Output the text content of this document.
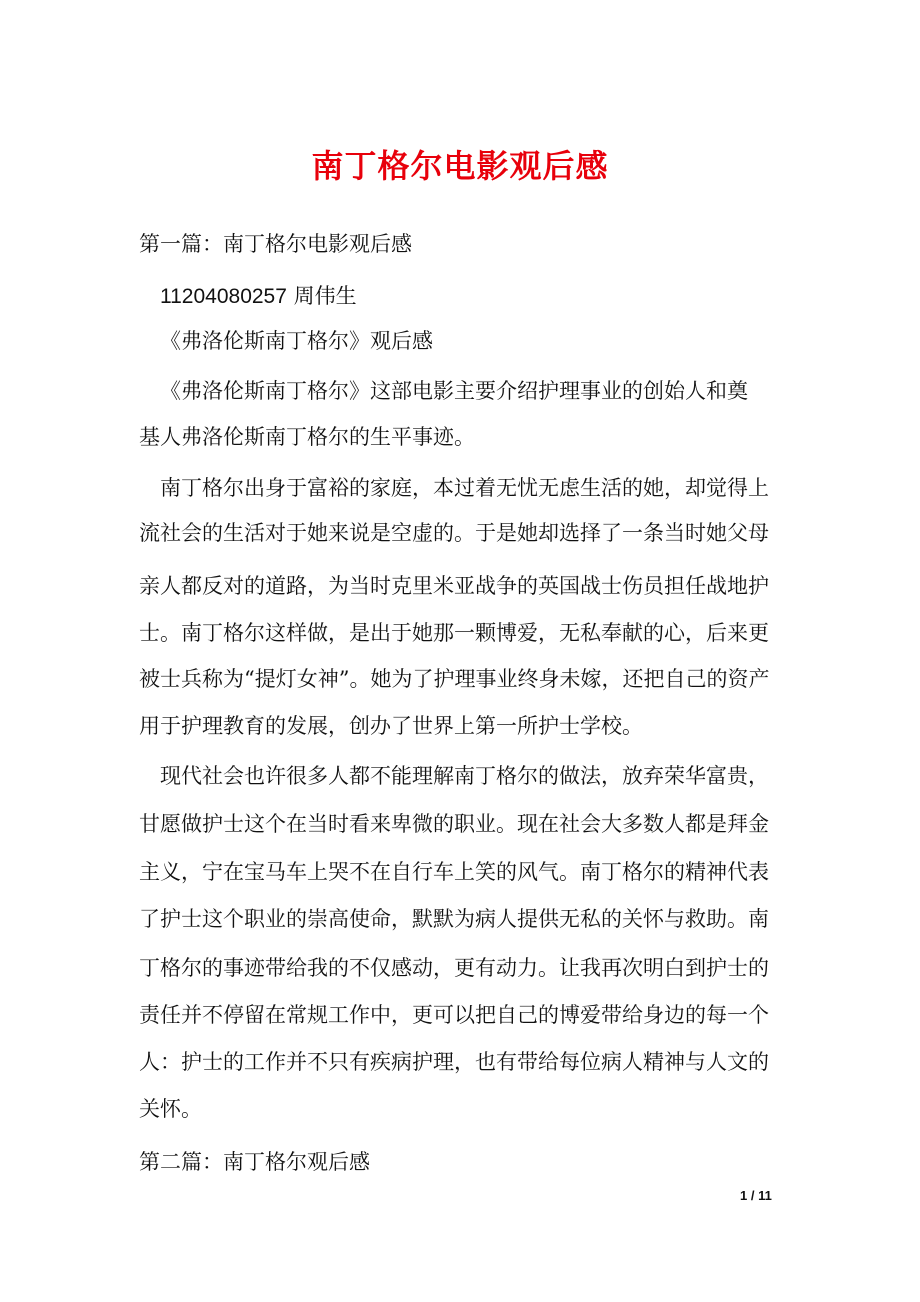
南丁格尔电影观后感
第一篇：南丁格尔电影观后感
11204080257 周伟生
《弗洛伦斯南丁格尔》观后感
《弗洛伦斯南丁格尔》这部电影主要介绍护理事业的创始人和奠
基人弗洛伦斯南丁格尔的生平事迹。
南丁格尔出身于富裕的家庭，本过着无忧无虑生活的她，却觉得上
流社会的生活对于她来说是空虚的。于是她却选择了一条当时她父母
亲人都反对的道路，为当时克里米亚战争的英国战士伤员担任战地护
士。南丁格尔这样做，是出于她那一颗博爱，无私奉献的心，后来更
被士兵称为“提灯女神”。她为了护理事业终身未嫁，还把自己的资产
用于护理教育的发展，创办了世界上第一所护士学校。
现代社会也许很多人都不能理解南丁格尔的做法，放弃荣华富贵，
甘愿做护士这个在当时看来卑微的职业。现在社会大多数人都是拜金
主义，宁在宝马车上哭不在自行车上笑的风气。南丁格尔的精神代表
了护士这个职业的崇高使命，默默为病人提供无私的关怀与救助。南
丁格尔的事迹带给我的不仅感动，更有动力。让我再次明白到护士的
责任并不停留在常规工作中，更可以把自己的博爱带给身边的每一个
人：护士的工作并不只有疾病护理，也有带给每位病人精神与人文的
关怀。
第二篇：南丁格尔观后感
1 / 11
